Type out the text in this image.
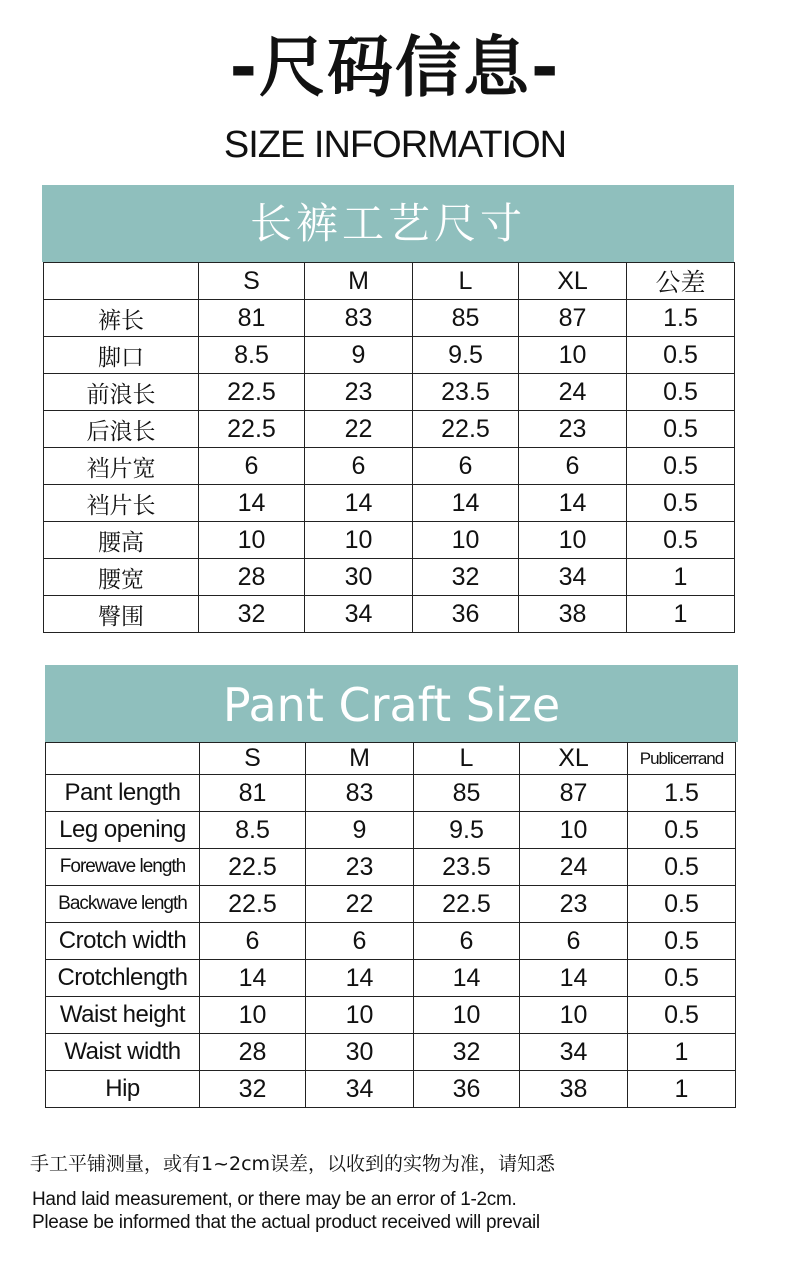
-尺码信息-
SIZE INFORMATION
长裤工艺尺寸
	S	M	L	XL	公差
裤长	81	83	85	87	1.5
脚口	8.5	9	9.5	10	0.5
前浪长	22.5	23	23.5	24	0.5
后浪长	22.5	22	22.5	23	0.5
裆片宽	6	6	6	6	0.5
裆片长	14	14	14	14	0.5
腰高	10	10	10	10	0.5
腰宽	28	30	32	34	1
臀围	32	34	36	38	1
Pant Craft Size
	S	M	L	XL	Publicerrand
Pant length	81	83	85	87	1.5
Leg opening	8.5	9	9.5	10	0.5
Forewave length	22.5	23	23.5	24	0.5
Backwave length	22.5	22	22.5	23	0.5
Crotch width	6	6	6	6	0.5
Crotchlength	14	14	14	14	0.5
Waist height	10	10	10	10	0.5
Waist width	28	30	32	34	1
Hip	32	34	36	38	1
手工平铺测量，或有1~2cm误差，以收到的实物为准，请知悉
Hand laid measurement, or there may be an error of 1-2cm.
Please be informed that the actual product received will prevail
